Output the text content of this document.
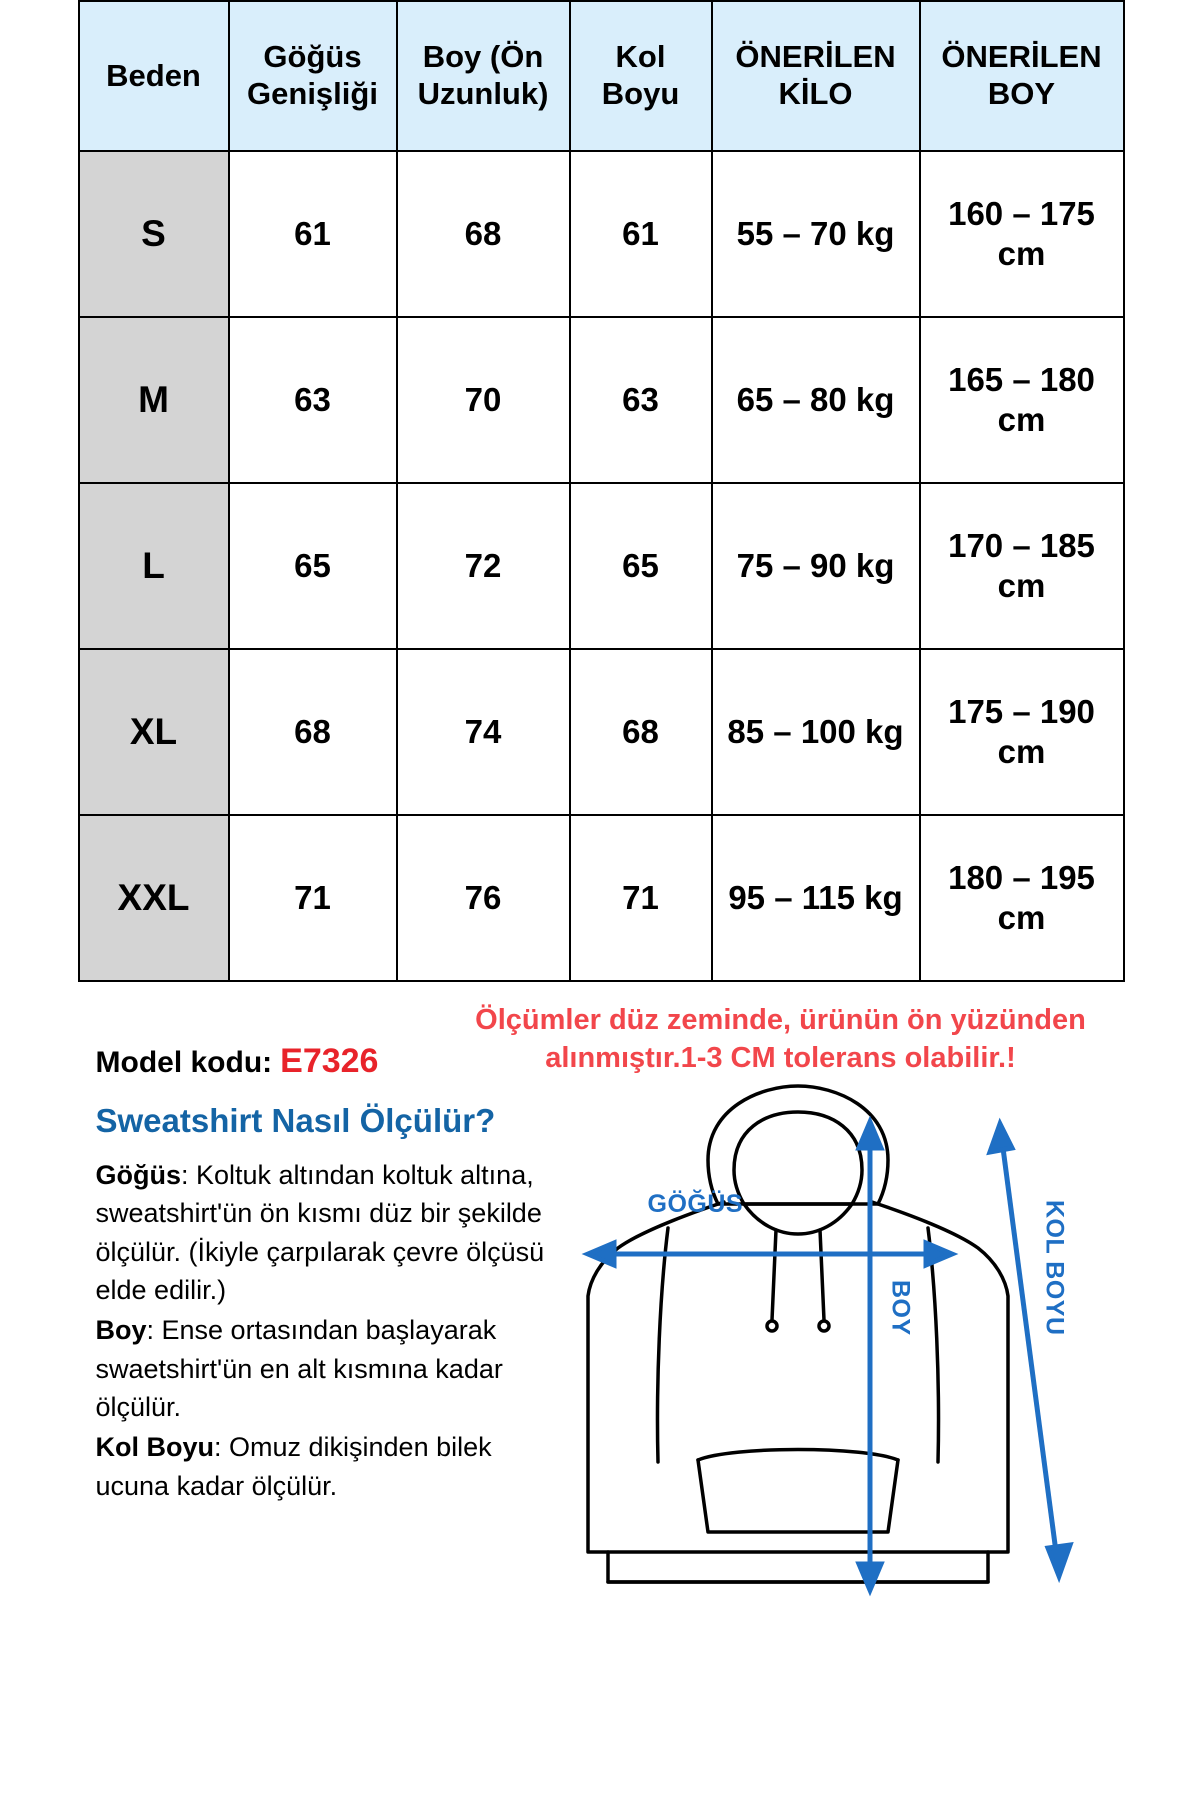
Beden	Göğüs Genişliği	Boy (Ön Uzunluk)	Kol Boyu	ÖNERİLEN KİLO	ÖNERİLEN BOY
S	61	68	61	55 – 70 kg	160 – 175 cm
M	63	70	63	65 – 80 kg	165 – 180 cm
L	65	72	65	75 – 90 kg	170 – 185 cm
XL	68	74	68	85 – 100 kg	175 – 190 cm
XXL	71	76	71	95 – 115 kg	180 – 195 cm
Model kodu: E7326
Ölçümler düz zeminde, ürünün ön yüzünden alınmıştır.1-3 CM tolerans olabilir.!
Sweatshirt Nasıl Ölçülür?

Göğüs: Koltuk altından koltuk altına, sweatshirt'ün ön kısmı düz bir şekilde ölçülür. (İkiyle çarpılarak çevre ölçüsü elde edilir.)

Boy: Ense ortasından başlayarak swaetshirt'ün en alt kısmına kadar ölçülür.

Kol Boyu: Omuz dikişinden bilek ucuna kadar ölçülür.

GÖĞÜS
BOY	KOL BOYU
